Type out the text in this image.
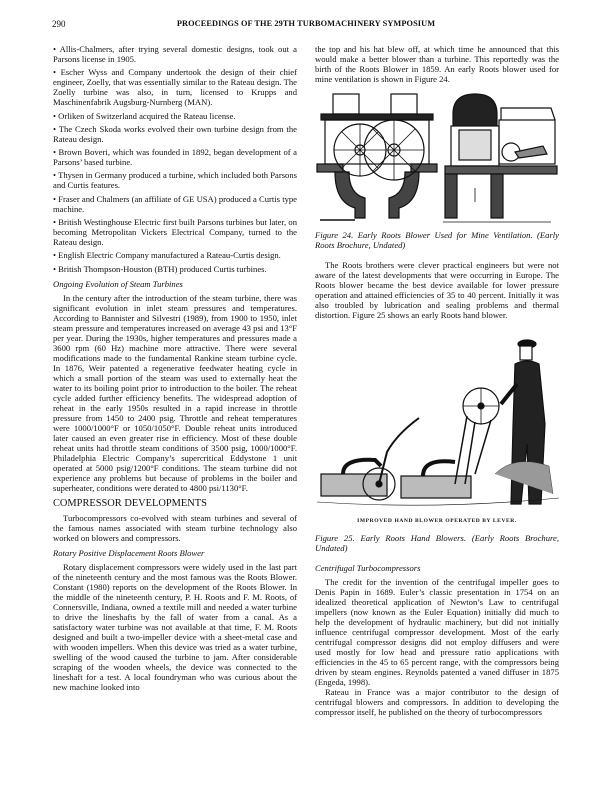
290	PROCEEDINGS OF THE 29TH TURBOMACHINERY SYMPOSIUM

• Allis-Chalmers, after trying several domestic designs, took out a Parsons license in 1905.

• Escher Wyss and Company undertook the design of their chief engineer, Zoelly, that was essentially similar to the Rateau design. The Zoelly turbine was also, in turn, licensed to Krupps and Maschinenfabrik Augsburg-Nurnberg (MAN).

• Orliken of Switzerland acquired the Rateau license.

• The Czech Skoda works evolved their own turbine design from the Rateau design.

• Brown Boveri, which was founded in 1892, began development of a Parsons’ based turbine.

• Thysen in Germany produced a turbine, which included both Parsons and Curtis features.

• Fraser and Chalmers (an affiliate of GE USA) produced a Curtis type machine.

• British Westinghouse Electric first built Parsons turbines but later, on becoming Metropolitan Vickers Electrical Company, turned to the Rateau design.

• English Electric Company manufactured a Rateau-Curtis design.

• British Thompson-Houston (BTH) produced Curtis turbines.

Ongoing Evolution of Steam Turbines

In the century after the introduction of the steam turbine, there was significant evolution in inlet steam pressures and temperatures. According to Bannister and Silvestri (1989), from 1900 to 1950, inlet steam pressure and temperatures increased on average 43 psi and 13°F per year. During the 1930s, higher temperatures and pressures made a 3600 rpm (60 Hz) machine more attractive. There were several modifications made to the fundamental Rankine steam turbine cycle. In 1876, Weir patented a regenerative feedwater heating cycle in which a small portion of the steam was used to externally heat the water to its boiling point prior to introduction to the boiler. The reheat cycle added further efficiency benefits. The widespread adoption of reheat in the early 1950s resulted in a rapid increase in throttle pressure from 1450 to 2400 psig. Throttle and reheat temperatures were 1000/1000°F or 1050/1050°F. Double reheat units introduced later caused an even greater rise in efficiency. Most of these double reheat units had throttle steam conditions of 3500 psig, 1000/1000°F. Philadelphia Electric Company’s supercritical Eddystone 1 unit operated at 5000 psig/1200°F conditions. The steam turbine did not experience any problems but because of problems in the boiler and superheater, conditions were derated to 4800 psi/1130°F.

COMPRESSOR DEVELOPMENTS

Turbocompressors co-evolved with steam turbines and several of the famous names associated with steam turbine technology also worked on blowers and compressors.

Rotary Positive Displacement Roots Blower

Rotary displacement compressors were widely used in the last part of the nineteenth century and the most famous was the Roots Blower. Constant (1980) reports on the development of the Roots Blower. In the middle of the nineteenth century, P. H. Roots and F. M. Roots, of Connersville, Indiana, owned a textile mill and needed a water turbine to drive the lineshafts by the fall of water from a canal. As a satisfactory water turbine was not available at that time, F. M. Roots designed and built a two-impeller device with a sheet-metal case and with wooden impellers. When this device was tried as a water turbine, swelling of the wood caused the turbine to jam. After considerable scraping of the wooden wheels, the device was connected to the lineshaft for a test. A local foundryman who was curious about the new machine looked into

the top and his hat blew off, at which time he announced that this would make a better blower than a turbine. This reportedly was the birth of the Roots Blower in 1859. An early Roots blower used for mine ventilation is shown in Figure 24.

Figure 24. Early Roots Blower Used for Mine Ventilation. (Early Roots Brochure, Undated)

The Roots brothers were clever practical engineers but were not aware of the latest developments that were occurring in Europe. The Roots blower became the best device available for lower pressure operation and attained efficiencies of 35 to 40 percent. Initially it was also troubled by lubrication and sealing problems and thermal distortion. Figure 25 shows an early Roots hand blower.

IMPROVED HAND BLOWER OPERATED BY LEVER.

Figure 25. Early Roots Hand Blowers. (Early Roots Brochure, Undated)

Centrifugal Turbocompressors

The credit for the invention of the centrifugal impeller goes to Denis Papin in 1689. Euler’s classic presentation in 1754 on an idealized theoretical application of Newton’s Law to centrifugal impellers (now known as the Euler Equation) initially did much to help the development of hydraulic machinery, but did not initially influence centrifugal compressor development. Most of the early centrifugal compressor designs did not employ diffusers and were used mostly for low head and pressure ratio applications with efficiencies in the 45 to 65 percent range, with the compressors being driven by steam engines. Reynolds patented a vaned diffuser in 1875 (Engeda, 1998).

Rateau in France was a major contributor to the design of centrifugal blowers and compressors. In addition to developing the compressor itself, he published on the theory of turbocompressors
